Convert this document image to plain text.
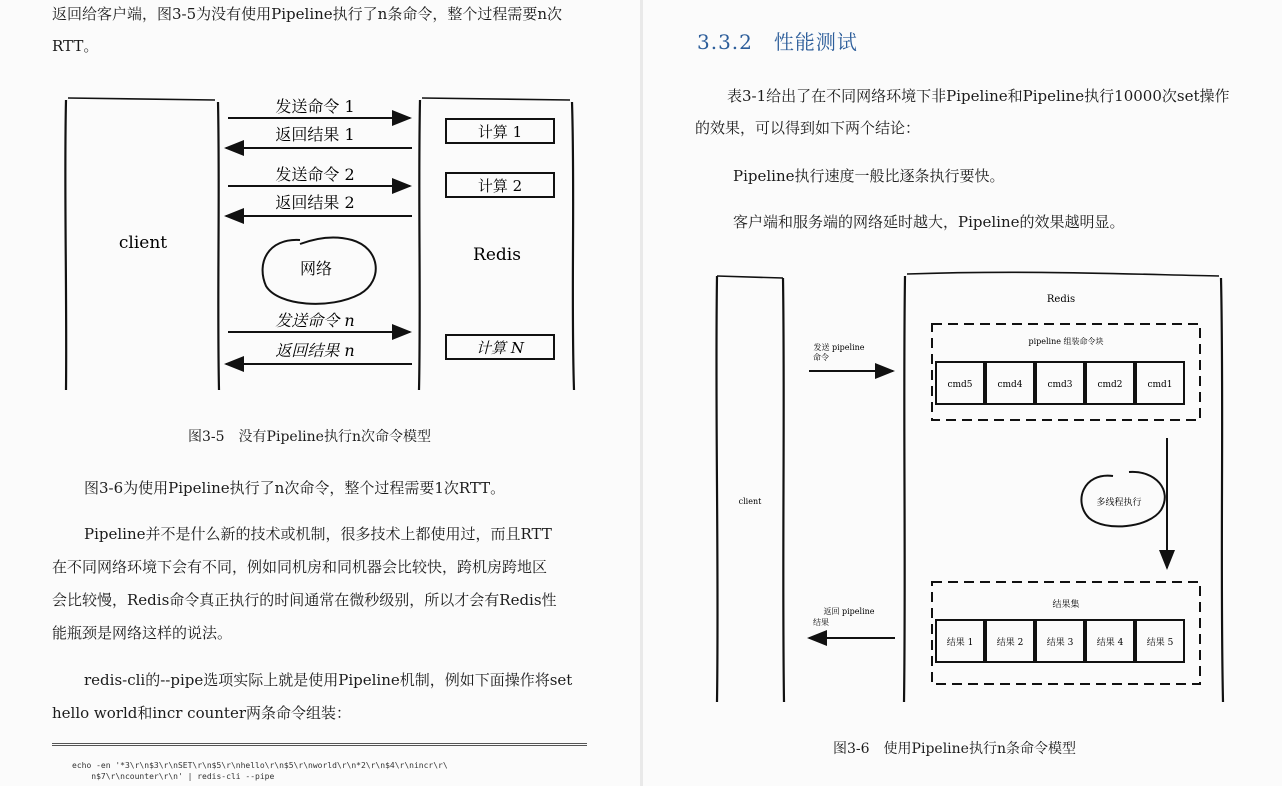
返回给客户端，图3-5为没有使用Pipeline执行了n条命令，整个过程需要n次

RTT。

client
Redis
发送命令 1
返回结果 1
发送命令 2
返回结果 2
发送命令 n
返回结果 n
计算 1
计算 2
计算 N
网络
图3-5　没有Pipeline执行n次命令模型

图3-6为使用Pipeline执行了n次命令，整个过程需要1次RTT。

Pipeline并不是什么新的技术或机制，很多技术上都使用过，而且RTT

在不同网络环境下会有不同，例如同机房和同机器会比较快，跨机房跨地区

会比较慢，Redis命令真正执行的时间通常在微秒级别，所以才会有Redis性

能瓶颈是网络这样的说法。

redis-cli的--pipe选项实际上就是使用Pipeline机制，例如下面操作将set

hello world和incr counter两条命令组装：

echo -en '*3\r\n$3\r\nSET\r\n$5\r\nhello\r\n$5\r\nworld\r\n*2\r\n$4\r\nincr\r\
n$7\r\ncounter\r\n' | redis-cli --pipe
3.3.2　性能测试

表3-1给出了在不同网络环境下非Pipeline和Pipeline执行10000次set操作

的效果，可以得到如下两个结论：

Pipeline执行速度一般比逐条执行要快。

客户端和服务端的网络延时越大，Pipeline的效果越明显。

client
Redis
发送 pipeline
命令
pipeline 组装命令块
cmd5	cmd4	cmd3	cmd2	cmd1
多线程执行
结果集
结果 1	结果 2	结果 3	结果 4	结果 5
返回 pipeline
结果
图3-6　使用Pipeline执行n条命令模型
